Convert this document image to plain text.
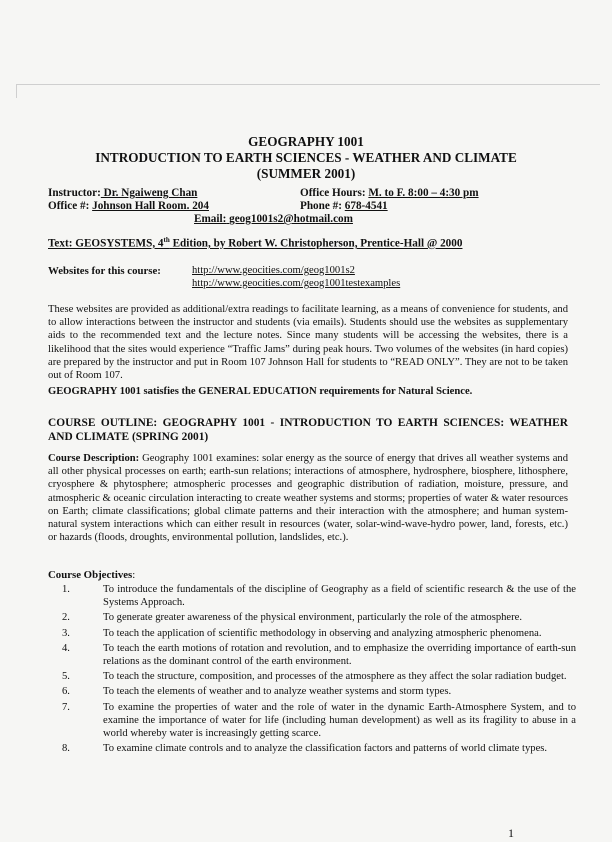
GEOGRAPHY 1001
INTRODUCTION TO EARTH SCIENCES - WEATHER AND CLIMATE
(SUMMER 2001)
Instructor: Dr. Ngaiweng Chan	Office Hours: M. to F. 8:00 – 4:30 pm
Office #: Johnson Hall Room. 204	Phone #: 678-4541
Email: geog1001s2@hotmail.com
Text: GEOSYSTEMS, 4th Edition, by Robert W. Christopherson, Prentice-Hall @ 2000
Websites for this course:	http://www.geocities.com/geog1001s2
http://www.geocities.com/geog1001testexamples
These websites are provided as additional/extra readings to facilitate learning, as a means of convenience for students, and to allow interactions between the instructor and students (via emails). Students should use the websites as supplementary aids to the recommended text and the lecture notes. Since many students will be accessing the websites, there is a likelihood that the sites would experience “Traffic Jams” during peak hours. Two volumes of the websites (in hard copies) are prepared by the instructor and put in Room 107 Johnson Hall for students to “READ ONLY”. They are not to be taken out of Room 107.
GEOGRAPHY 1001 satisfies the GENERAL EDUCATION requirements for Natural Science.
COURSE OUTLINE: GEOGRAPHY 1001 - INTRODUCTION TO EARTH SCIENCES: WEATHER AND CLIMATE (SPRING 2001)
Course Description: Geography 1001 examines: solar energy as the source of energy that drives all weather systems and all other physical processes on earth; earth-sun relations; interactions of atmosphere, hydrosphere, biosphere, lithosphere, cryosphere & phytosphere; atmospheric processes and geographic distribution of radiation, moisture, pressure, and atmospheric & oceanic circulation interacting to create weather systems and storms; properties of water & water resources on Earth; climate classifications; global climate patterns and their interaction with the atmosphere; and human system-natural system interactions which can either result in resources (water, solar-wind-wave-hydro power, land, forests, etc.) or hazards (floods, droughts, environmental pollution, landslides, etc.).
Course Objectives:
1.	To introduce the fundamentals of the discipline of Geography as a field of scientific research & the use of the Systems Approach.
2.	To generate greater awareness of the physical environment, particularly the role of the atmosphere.
3.	To teach the application of scientific methodology in observing and analyzing atmospheric phenomena.
4.	To teach the earth motions of rotation and revolution, and to emphasize the overriding importance of earth-sun relations as the dominant control of the earth environment.
5.	To teach the structure, composition, and processes of the atmosphere as they affect the solar radiation budget.
6.	To teach the elements of weather and to analyze weather systems and storm types.
7.	To examine the properties of water and the role of water in the dynamic Earth-Atmosphere System, and to examine the importance of water for life (including human development) as well as its fragility to abuse in a world whereby water is increasingly getting scarce.
8.	To examine climate controls and to analyze the classification factors and patterns of world climate types.
1
